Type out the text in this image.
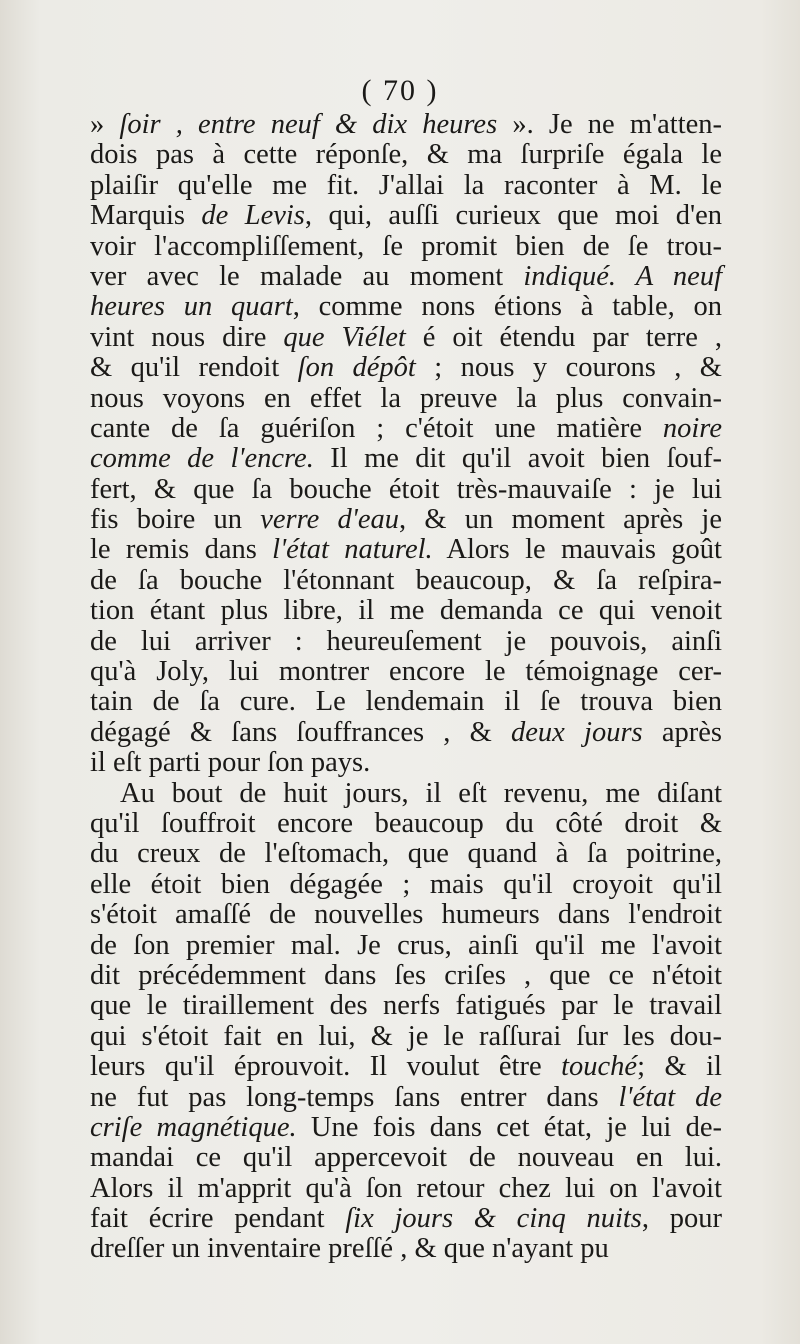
( 70 )
» ſoir , entre neuf & dix heures ». Je ne m'atten-
dois pas à cette réponſe, & ma ſurpriſe égala le
plaiſir qu'elle me fit. J'allai la raconter à M. le
Marquis de Levis, qui, auſſi curieux que moi d'en
voir l'accompliſſement, ſe promit bien de ſe trou-
ver avec le malade au moment indiqué. A neuf
heures un quart, comme nons étions à table, on
vint nous dire que Viélet é oit étendu par terre ,
& qu'il rendoit ſon dépôt ; nous y courons , &
nous voyons en effet la preuve la plus convain-
cante de ſa guériſon ; c'étoit une matière noire
comme de l'encre. Il me dit qu'il avoit bien ſouf-
fert, & que ſa bouche étoit très-mauvaiſe : je lui
fis boire un verre d'eau, & un moment après je
le remis dans l'état naturel. Alors le mauvais goût
de ſa bouche l'étonnant beaucoup, & ſa reſpira-
tion étant plus libre, il me demanda ce qui venoit
de lui arriver : heureuſement je pouvois, ainſi
qu'à Joly, lui montrer encore le témoignage cer-
tain de ſa cure. Le lendemain il ſe trouva bien
dégagé & ſans ſouffrances , & deux jours après
il eſt parti pour ſon pays.
Au bout de huit jours, il eſt revenu, me diſant
qu'il ſouffroit encore beaucoup du côté droit &
du creux de l'eſtomach, que quand à ſa poitrine,
elle étoit bien dégagée ; mais qu'il croyoit qu'il
s'étoit amaſſé de nouvelles humeurs dans l'endroit
de ſon premier mal. Je crus, ainſi qu'il me l'avoit
dit précédemment dans ſes criſes , que ce n'étoit
que le tiraillement des nerfs fatigués par le travail
qui s'étoit fait en lui, & je le raſſurai ſur les dou-
leurs qu'il éprouvoit. Il voulut être touché; & il
ne fut pas long-temps ſans entrer dans l'état de
criſe magnétique. Une fois dans cet état, je lui de-
mandai ce qu'il appercevoit de nouveau en lui.
Alors il m'apprit qu'à ſon retour chez lui on l'avoit
fait écrire pendant ſix jours & cinq nuits, pour
dreſſer un inventaire preſſé , & que n'ayant pu
